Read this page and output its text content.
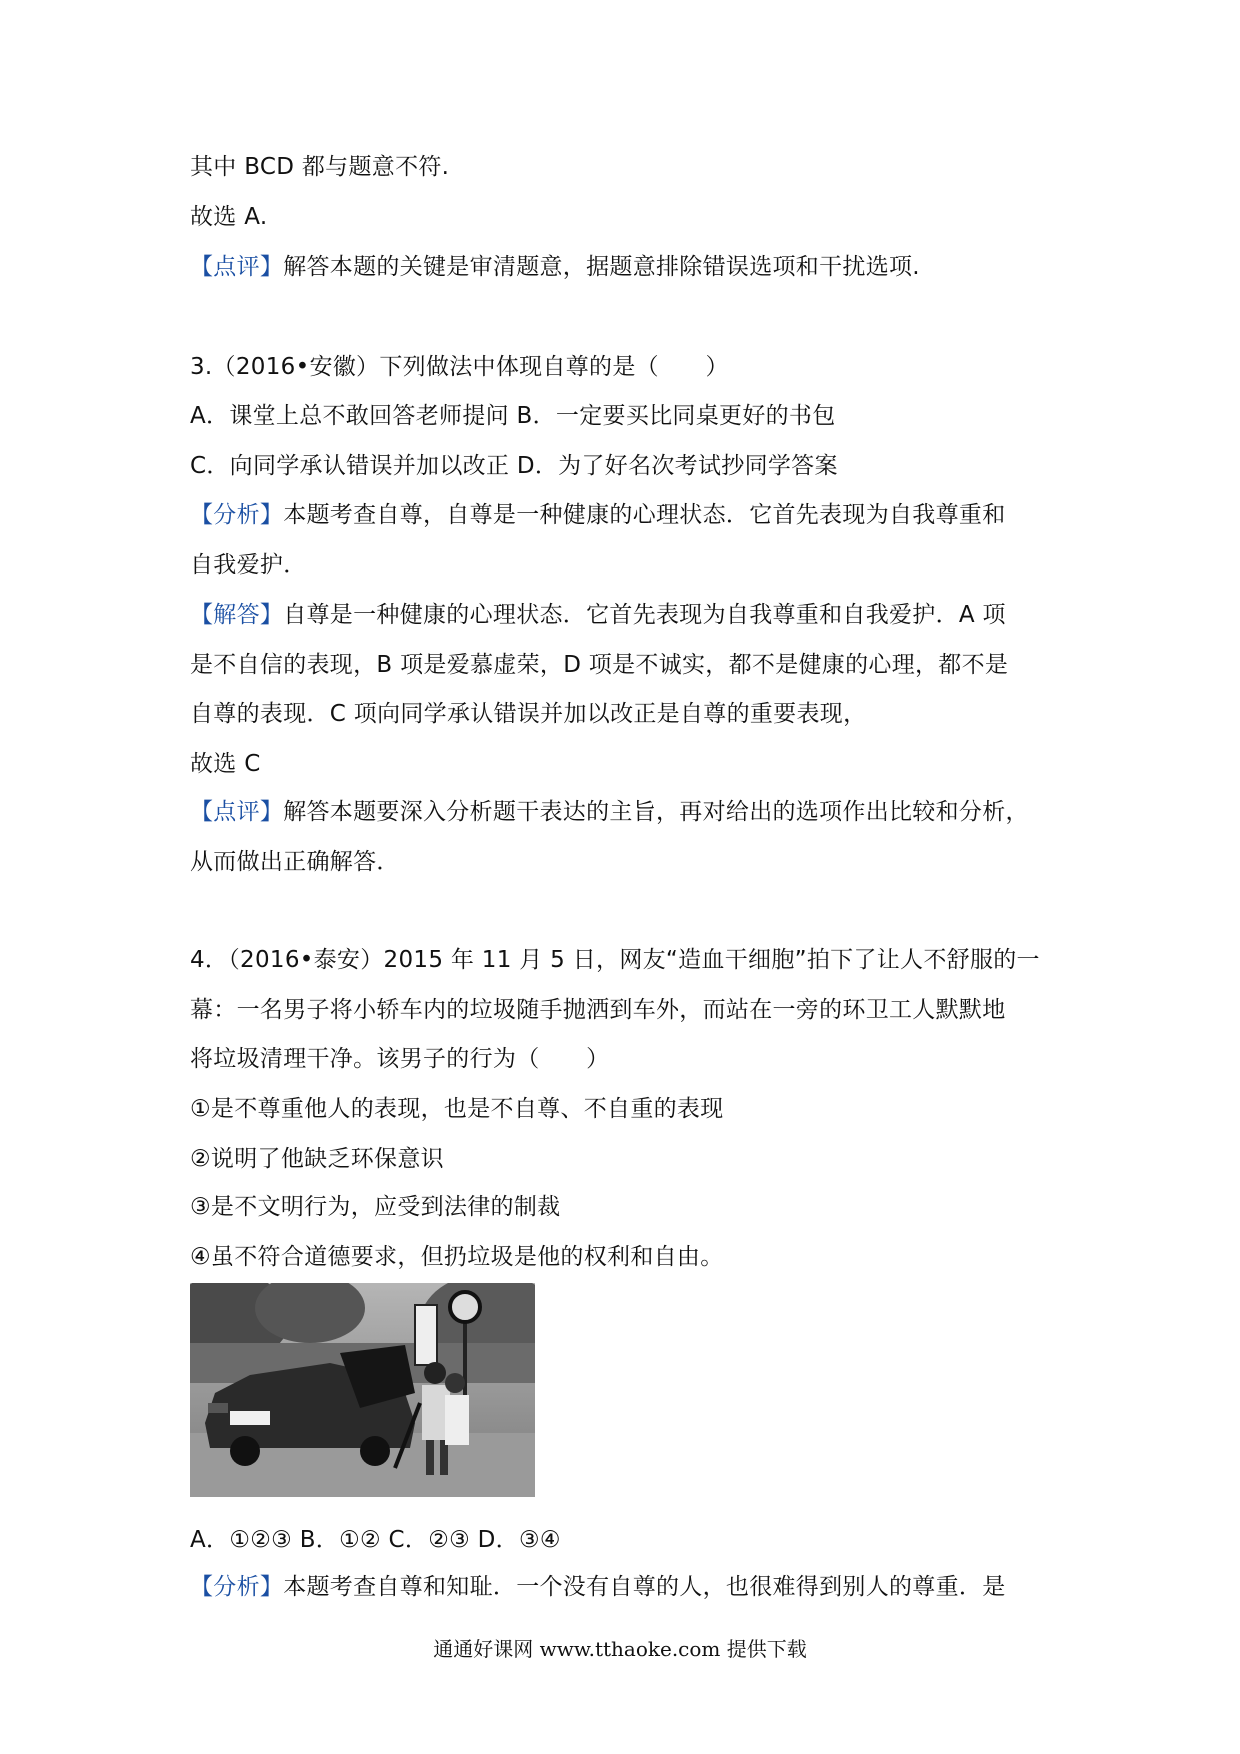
其中 BCD 都与题意不符.
故选 A.
【点评】解答本题的关键是审清题意，据题意排除错误选项和干扰选项.
3.（2016•安徽）下列做法中体现自尊的是（　　）
A．课堂上总不敢回答老师提问 B．一定要买比同桌更好的书包
C．向同学承认错误并加以改正 D．为了好名次考试抄同学答案
【分析】本题考查自尊，自尊是一种健康的心理状态．它首先表现为自我尊重和
自我爱护．
【解答】自尊是一种健康的心理状态．它首先表现为自我尊重和自我爱护．A 项
是不自信的表现，B 项是爱慕虚荣，D 项是不诚实，都不是健康的心理，都不是
自尊的表现．C 项向同学承认错误并加以改正是自尊的重要表现，
故选 C
【点评】解答本题要深入分析题干表达的主旨，再对给出的选项作出比较和分析，
从而做出正确解答．
4．（2016•泰安）2015 年 11 月 5 日，网友“造血干细胞”拍下了让人不舒服的一
幕：一名男子将小轿车内的垃圾随手抛洒到车外，而站在一旁的环卫工人默默地
将垃圾清理干净。该男子的行为（　　）
①是不尊重他人的表现，也是不自尊、不自重的表现
②说明了他缺乏环保意识
③是不文明行为，应受到法律的制裁
④虽不符合道德要求，但扔垃圾是他的权利和自由。
A．①②③ B．①② C．②③ D．③④
【分析】本题考查自尊和知耻．一个没有自尊的人，也很难得到别人的尊重．是
通通好课网 www.tthaoke.com 提供下载
